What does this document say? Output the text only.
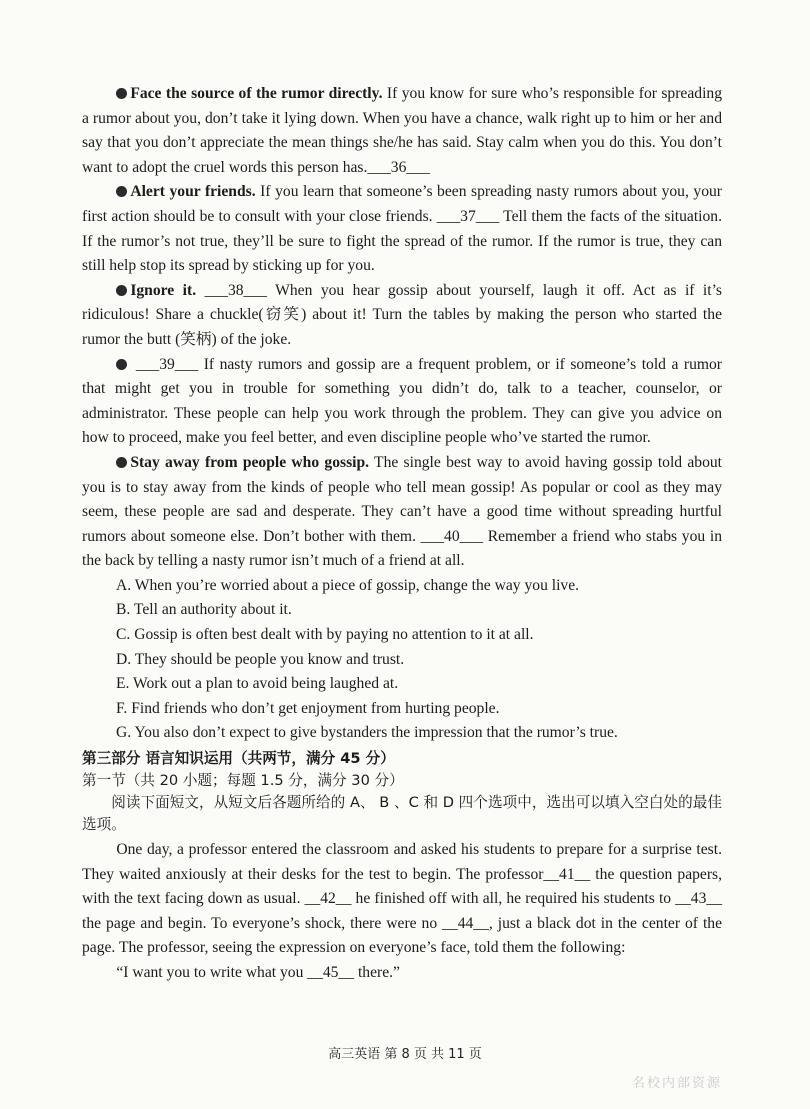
Face the source of the rumor directly. If you know for sure who’s responsible for spreading a rumor about you, don’t take it lying down. When you have a chance, walk right up to him or her and say that you don’t appreciate the mean things she/he has said. Stay calm when you do this. You don’t want to adopt the cruel words this person has.___36___

Alert your friends. If you learn that someone’s been spreading nasty rumors about you, your first action should be to consult with your close friends. ___37___ Tell them the facts of the situation. If the rumor’s not true, they’ll be sure to fight the spread of the rumor. If the rumor is true, they can still help stop its spread by sticking up for you.

Ignore it. ___38___ When you hear gossip about yourself, laugh it off. Act as if it’s ridiculous! Share a chuckle(窃笑) about it! Turn the tables by making the person who started the rumor the butt (笑柄) of the joke.

___39___ If nasty rumors and gossip are a frequent problem, or if someone’s told a rumor that might get you in trouble for something you didn’t do, talk to a teacher, counselor, or administrator. These people can help you work through the problem. They can give you advice on how to proceed, make you feel better, and even discipline people who’ve started the rumor.

Stay away from people who gossip. The single best way to avoid having gossip told about you is to stay away from the kinds of people who tell mean gossip! As popular or cool as they may seem, these people are sad and desperate. They can’t have a good time without spreading hurtful rumors about someone else. Don’t bother with them. ___40___ Remember a friend who stabs you in the back by telling a nasty rumor isn’t much of a friend at all.

A. When you’re worried about a piece of gossip, change the way you live.

B. Tell an authority about it.

C. Gossip is often best dealt with by paying no attention to it at all.

D. They should be people you know and trust.

E. Work out a plan to avoid being laughed at.

F. Find friends who don’t get enjoyment from hurting people.

G. You also don’t expect to give bystanders the impression that the rumor’s true.

第三部分 语言知识运用（共两节，满分 45 分）

第一节（共 20 小题；每题 1.5 分，满分 30 分）

阅读下面短文，从短文后各题所给的 A、 B 、C 和 D 四个选项中，选出可以填入空白处的最佳选项。

One day, a professor entered the classroom and asked his students to prepare for a surprise test. They waited anxiously at their desks for the test to begin. The professor__41__ the question papers, with the text facing down as usual. __42__ he finished off with all, he required his students to __43__ the page and begin. To everyone’s shock, there were no __44__, just a black dot in the center of the page. The professor, seeing the expression on everyone’s face, told them the following:

“I want you to write what you __45__ there.”

高三英语 第 8 页 共 11 页
名校内部资源
